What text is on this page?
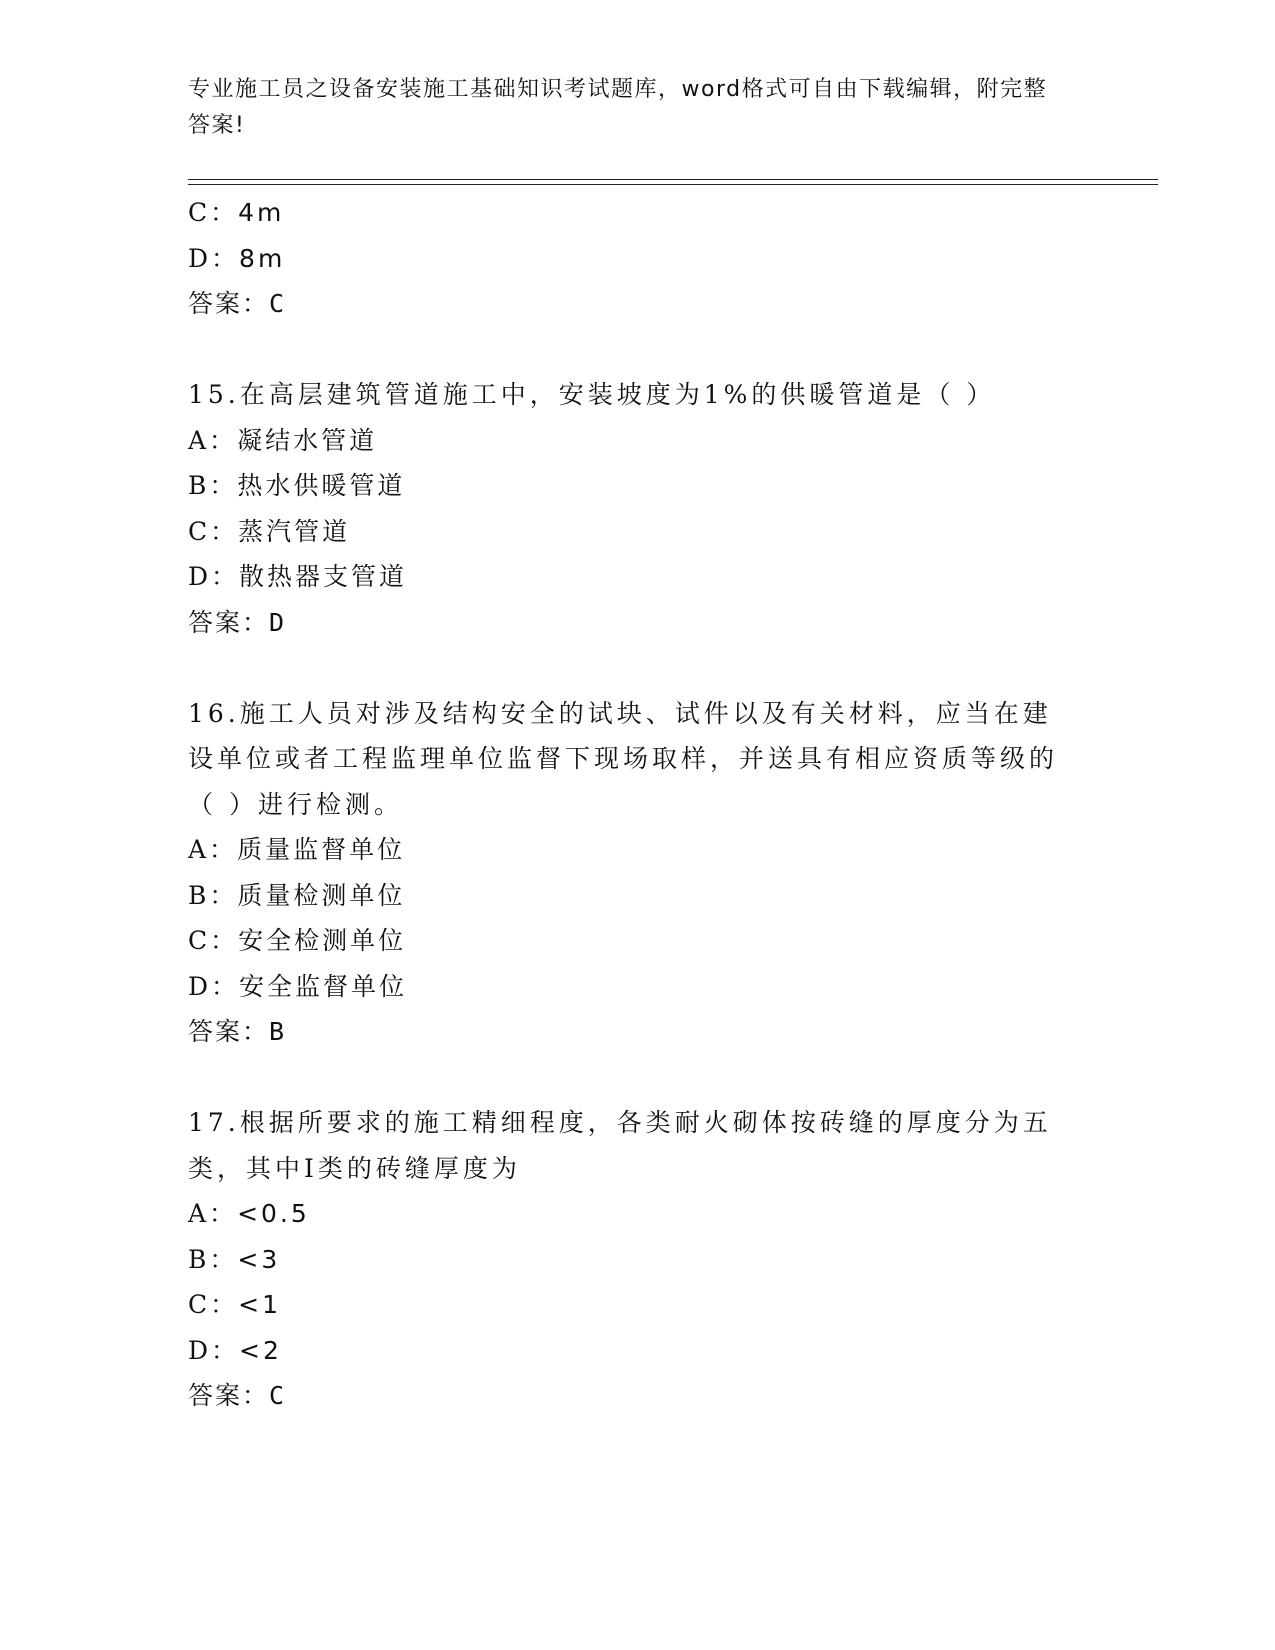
专业施工员之设备安装施工基础知识考试题库，word格式可自由下载编辑，附完整答案!
C：4m
D：8m
答案：C
15.在高层建筑管道施工中，安装坡度为1%的供暖管道是（ ）
A：凝结水管道
B：热水供暖管道
C：蒸汽管道
D：散热器支管道
答案：D
16.施工人员对涉及结构安全的试块、试件以及有关材料，应当在建设单位或者工程监理单位监督下现场取样，并送具有相应资质等级的（ ）进行检测。
A：质量监督单位
B：质量检测单位
C：安全检测单位
D：安全监督单位
答案：B
17.根据所要求的施工精细程度，各类耐火砌体按砖缝的厚度分为五类，其中Ⅰ类的砖缝厚度为
A：<0.5
B：<3
C：<1
D：<2
答案：C
